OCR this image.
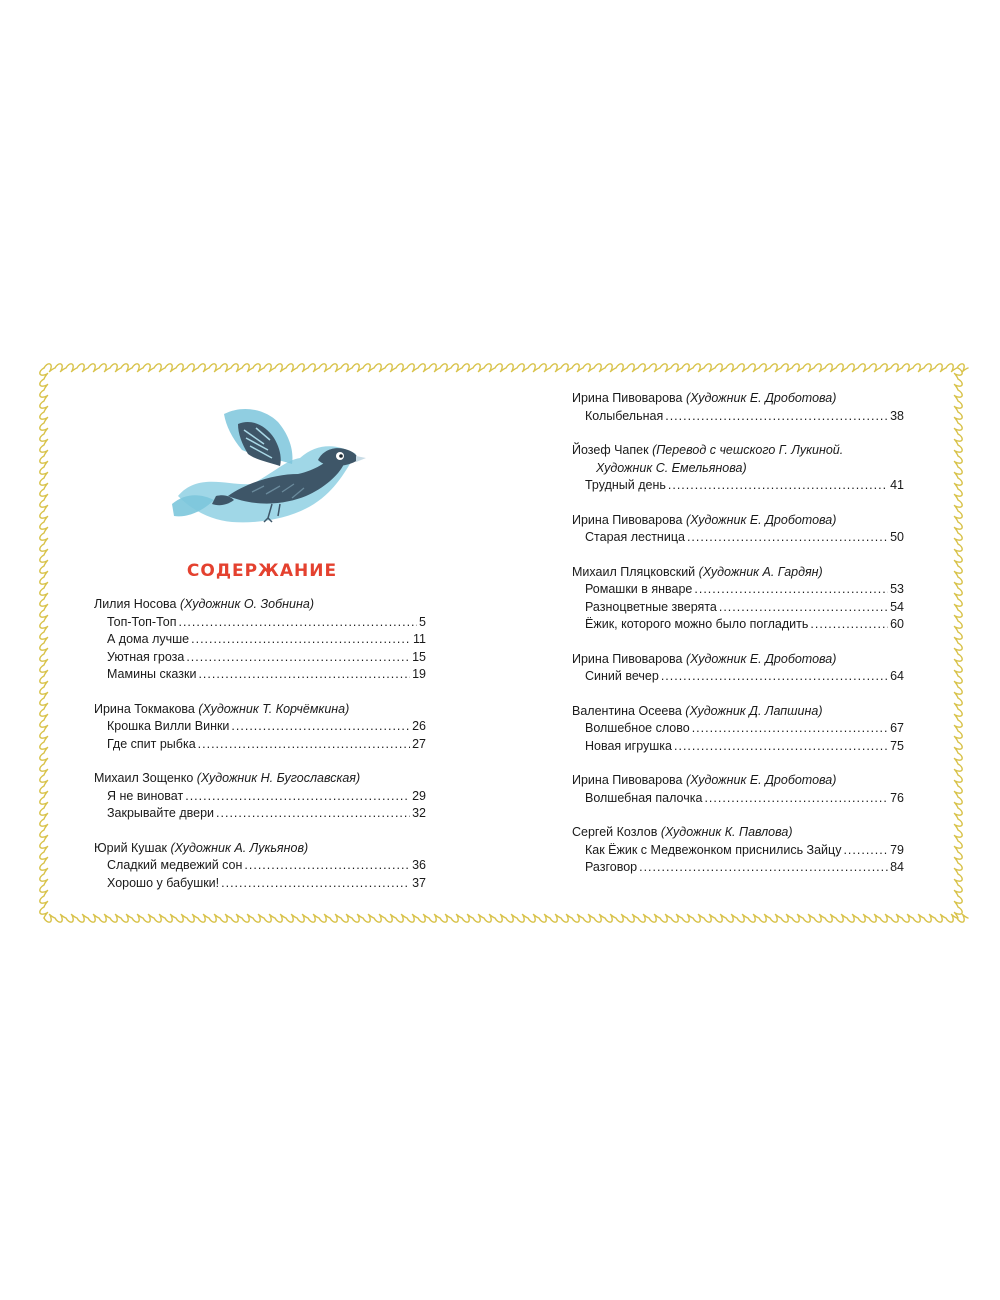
СОДЕРЖАНИЕ
Лилия Носова (Художник О. Зобнина)
Топ-Топ-Топ .....	5
А дома лучше .....	11
Уютная гроза .....	15
Мамины сказки .....	19
Ирина Токмакова (Художник Т. Корчёмкина)
Крошка Вилли Винки .....	26
Где спит рыбка .....	27
Михаил Зощенко (Художник Н. Бугославская)
Я не виноват .....	29
Закрывайте двери .....	32
Юрий Кушак (Художник А. Лукьянов)
Сладкий медвежий сон .....	36
Хорошо у бабушки! .....	37
Ирина Пивоварова (Художник Е. Дроботова)
Колыбельная .....	38
Йозеф Чапек (Перевод с чешского Г. Лукиной.
Художник С. Емельянова)
Трудный день .....	41
Ирина Пивоварова (Художник Е. Дроботова)
Старая лестница .....	50
Михаил Пляцковский (Художник А. Гардян)
Ромашки в январе .....	53
Разноцветные зверята .....	54
Ёжик, которого можно было погладить .....	60
Ирина Пивоварова (Художник Е. Дроботова)
Синий вечер .....	64
Валентина Осеева (Художник Д. Лапшина)
Волшебное слово .....	67
Новая игрушка .....	75
Ирина Пивоварова (Художник Е. Дроботова)
Волшебная палочка .....	76
Сергей Козлов (Художник К. Павлова)
Как Ёжик с Медвежонком приснились Зайцу .....	79
Разговор .....	84
